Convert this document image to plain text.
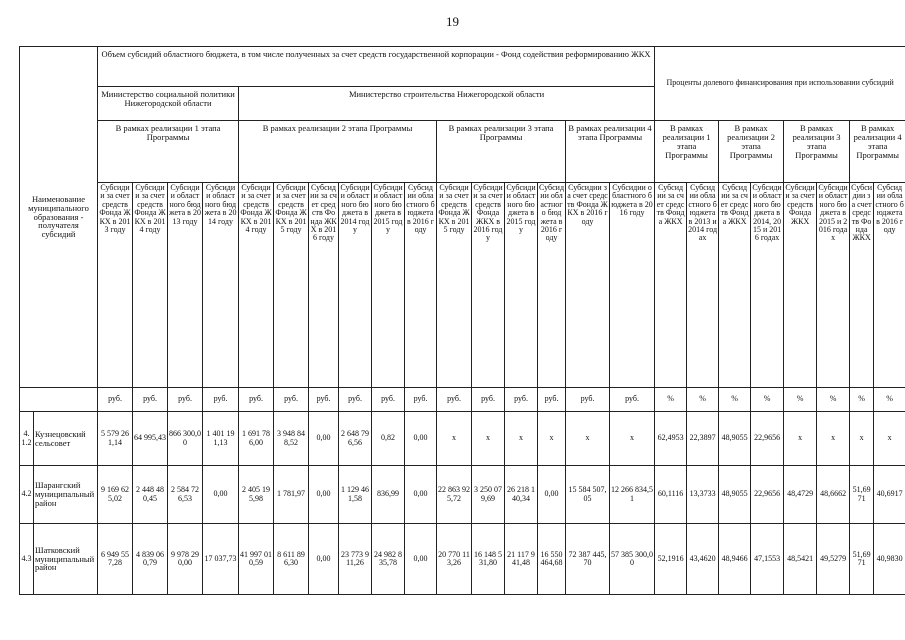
19
Наименование муниципального образования - получателя субсидий		Объем субсидий областного бюджета, в том числе полученных за счет средств государственной корпорации - Фонд содействия реформированию ЖКХ																Проценты долевого финансирования при использовании субсидий							
		Министерство социальной политики Нижегородской области				Министерство строительства Нижегородской области																			
		В рамках реализации 1 этапа Программы				В рамках реализации 2 этапа Программы						В рамках реализации 3 этапа Программы				В рамках реализации 4 этапа Программы		В рамках реализации 1 этапа Программы		В рамках реализации 2 этапа Программы		В рамках реализации 3 этапа Программы		В рамках реализации 4 этапа Программы	
		Субсидии за счет средств Фонда ЖКХ в 2013 году	Субсидии за счет средств Фонда ЖКХ в 2014 году	Субсидии областного бюджета в 2013 году	Субсидии областного бюджета в 2014 году	Субсидии за счет средств Фонда ЖКХ в 2014 году	Субсидии за счет средств Фонда ЖКХ в 2015 году	Субсидии за счет средств Фонда ЖКХ в 2016 году	Субсидии областного бюджета в 2014 году	Субсидии областного бюджета в 2015 году	Субсидии областного бюджета в 2016 году	Субсидии за счет средств Фонда ЖКХ в 2015 году	Субсидии за счет средств Фонда ЖКХ в 2016 году	Субсидии областного бюджета в 2015 году	Субсидии областного бюджета в 2016 году	Субсидии за счет средств Фонда ЖКХ в 2016 году	Субсидии областного бюджета в 2016 году	Субсидии за счет средств Фонда ЖКХ	Субсидии областного бюджета в 2013 и 2014 годах	Субсидии за счет средств Фонда ЖКХ	Субсидии областного бюджета в 2014, 2015 и 2016 годах	Субсидии за счет средств Фонда ЖКХ	Субсидии областного бюджета в 2015 и 2016 годах	Субсидии за счет средств Фонда ЖКХ	Субсидии областного бюджета в 2016 году
		руб.	руб.	руб.	руб.	руб.	руб.	руб.	руб.	руб.	руб.	руб.	руб.	руб.	руб.	руб.	руб.	%	%	%	%	%	%	%	%
4.1.2	Кузнецовский сельсовет	5 579 261,14	64 995,43	866 300,00	1 401 191,13	1 691 786,00	3 948 848,52	0,00	2 648 796,56	0,82	0,00	x	x	x	x	x	x	62,4953	22,3897	48,9055	22,9656	x	x	x	x
4.2	Шарангский муниципальный район	9 169 625,02	2 448 480,45	2 584 726,53	0,00	2 405 195,98	1 781,97	0,00	1 129 461,58	836,99	0,00	22 863 925,72	3 250 079,69	26 218 140,34	0,00	15 584 507,05	12 266 834,51	60,1116	13,3733	48,9055	22,9656	48,4729	48,6662	51,6971	40,6917
4.3	Шатковский муниципальный район	6 949 557,28	4 839 060,79	9 978 290,00	17 037,73	41 997 010,59	8 611 896,30	0,00	23 773 911,26	24 982 835,78	0,00	20 770 113,26	16 148 531,80	21 117 941,48	16 550 464,68	72 387 445,70	57 385 300,00	52,1916	43,4620	48,9466	47,1553	48,5421	49,5279	51,6971	40,9830
